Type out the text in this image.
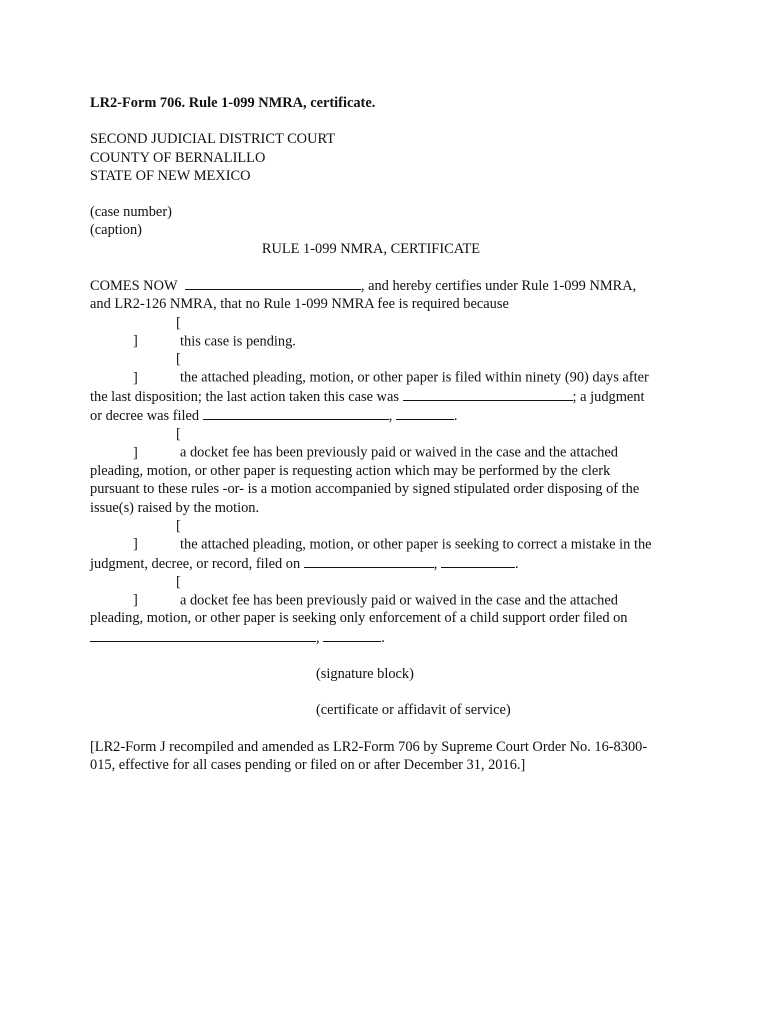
LR2-Form 706. Rule 1-099 NMRA, certificate.
SECOND JUDICIAL DISTRICT COURT
COUNTY OF BERNALILLO
STATE OF NEW MEXICO
(case number)
(caption)
RULE 1-099 NMRA, CERTIFICATE
COMES NOW	, and hereby certifies under Rule 1-099 NMRA,
and LR2-126 NMRA, that no Rule 1-099 NMRA fee is required because
[ ]	this case is pending.
[ ]	the attached pleading, motion, or other paper is filed within ninety (90) days after
the last disposition; the last action taken this case was	; a judgment
or decree was filed	,	.
[ ]	a docket fee has been previously paid or waived in the case and the attached
pleading, motion, or other paper is requesting action which may be performed by the clerk
pursuant to these rules -or- is a motion accompanied by signed stipulated order disposing of the
issue(s) raised by the motion.
[ ]	the attached pleading, motion, or other paper is seeking to correct a mistake in the
judgment, decree, or record, filed on	,	.
[ ]	a docket fee has been previously paid or waived in the case and the attached
pleading, motion, or other paper is seeking only enforcement of a child support order filed on
,	.
(signature block)
(certificate or affidavit of service)
[LR2-Form J recompiled and amended as LR2-Form 706 by Supreme Court Order No. 16-8300-
015, effective for all cases pending or filed on or after December 31, 2016.]
